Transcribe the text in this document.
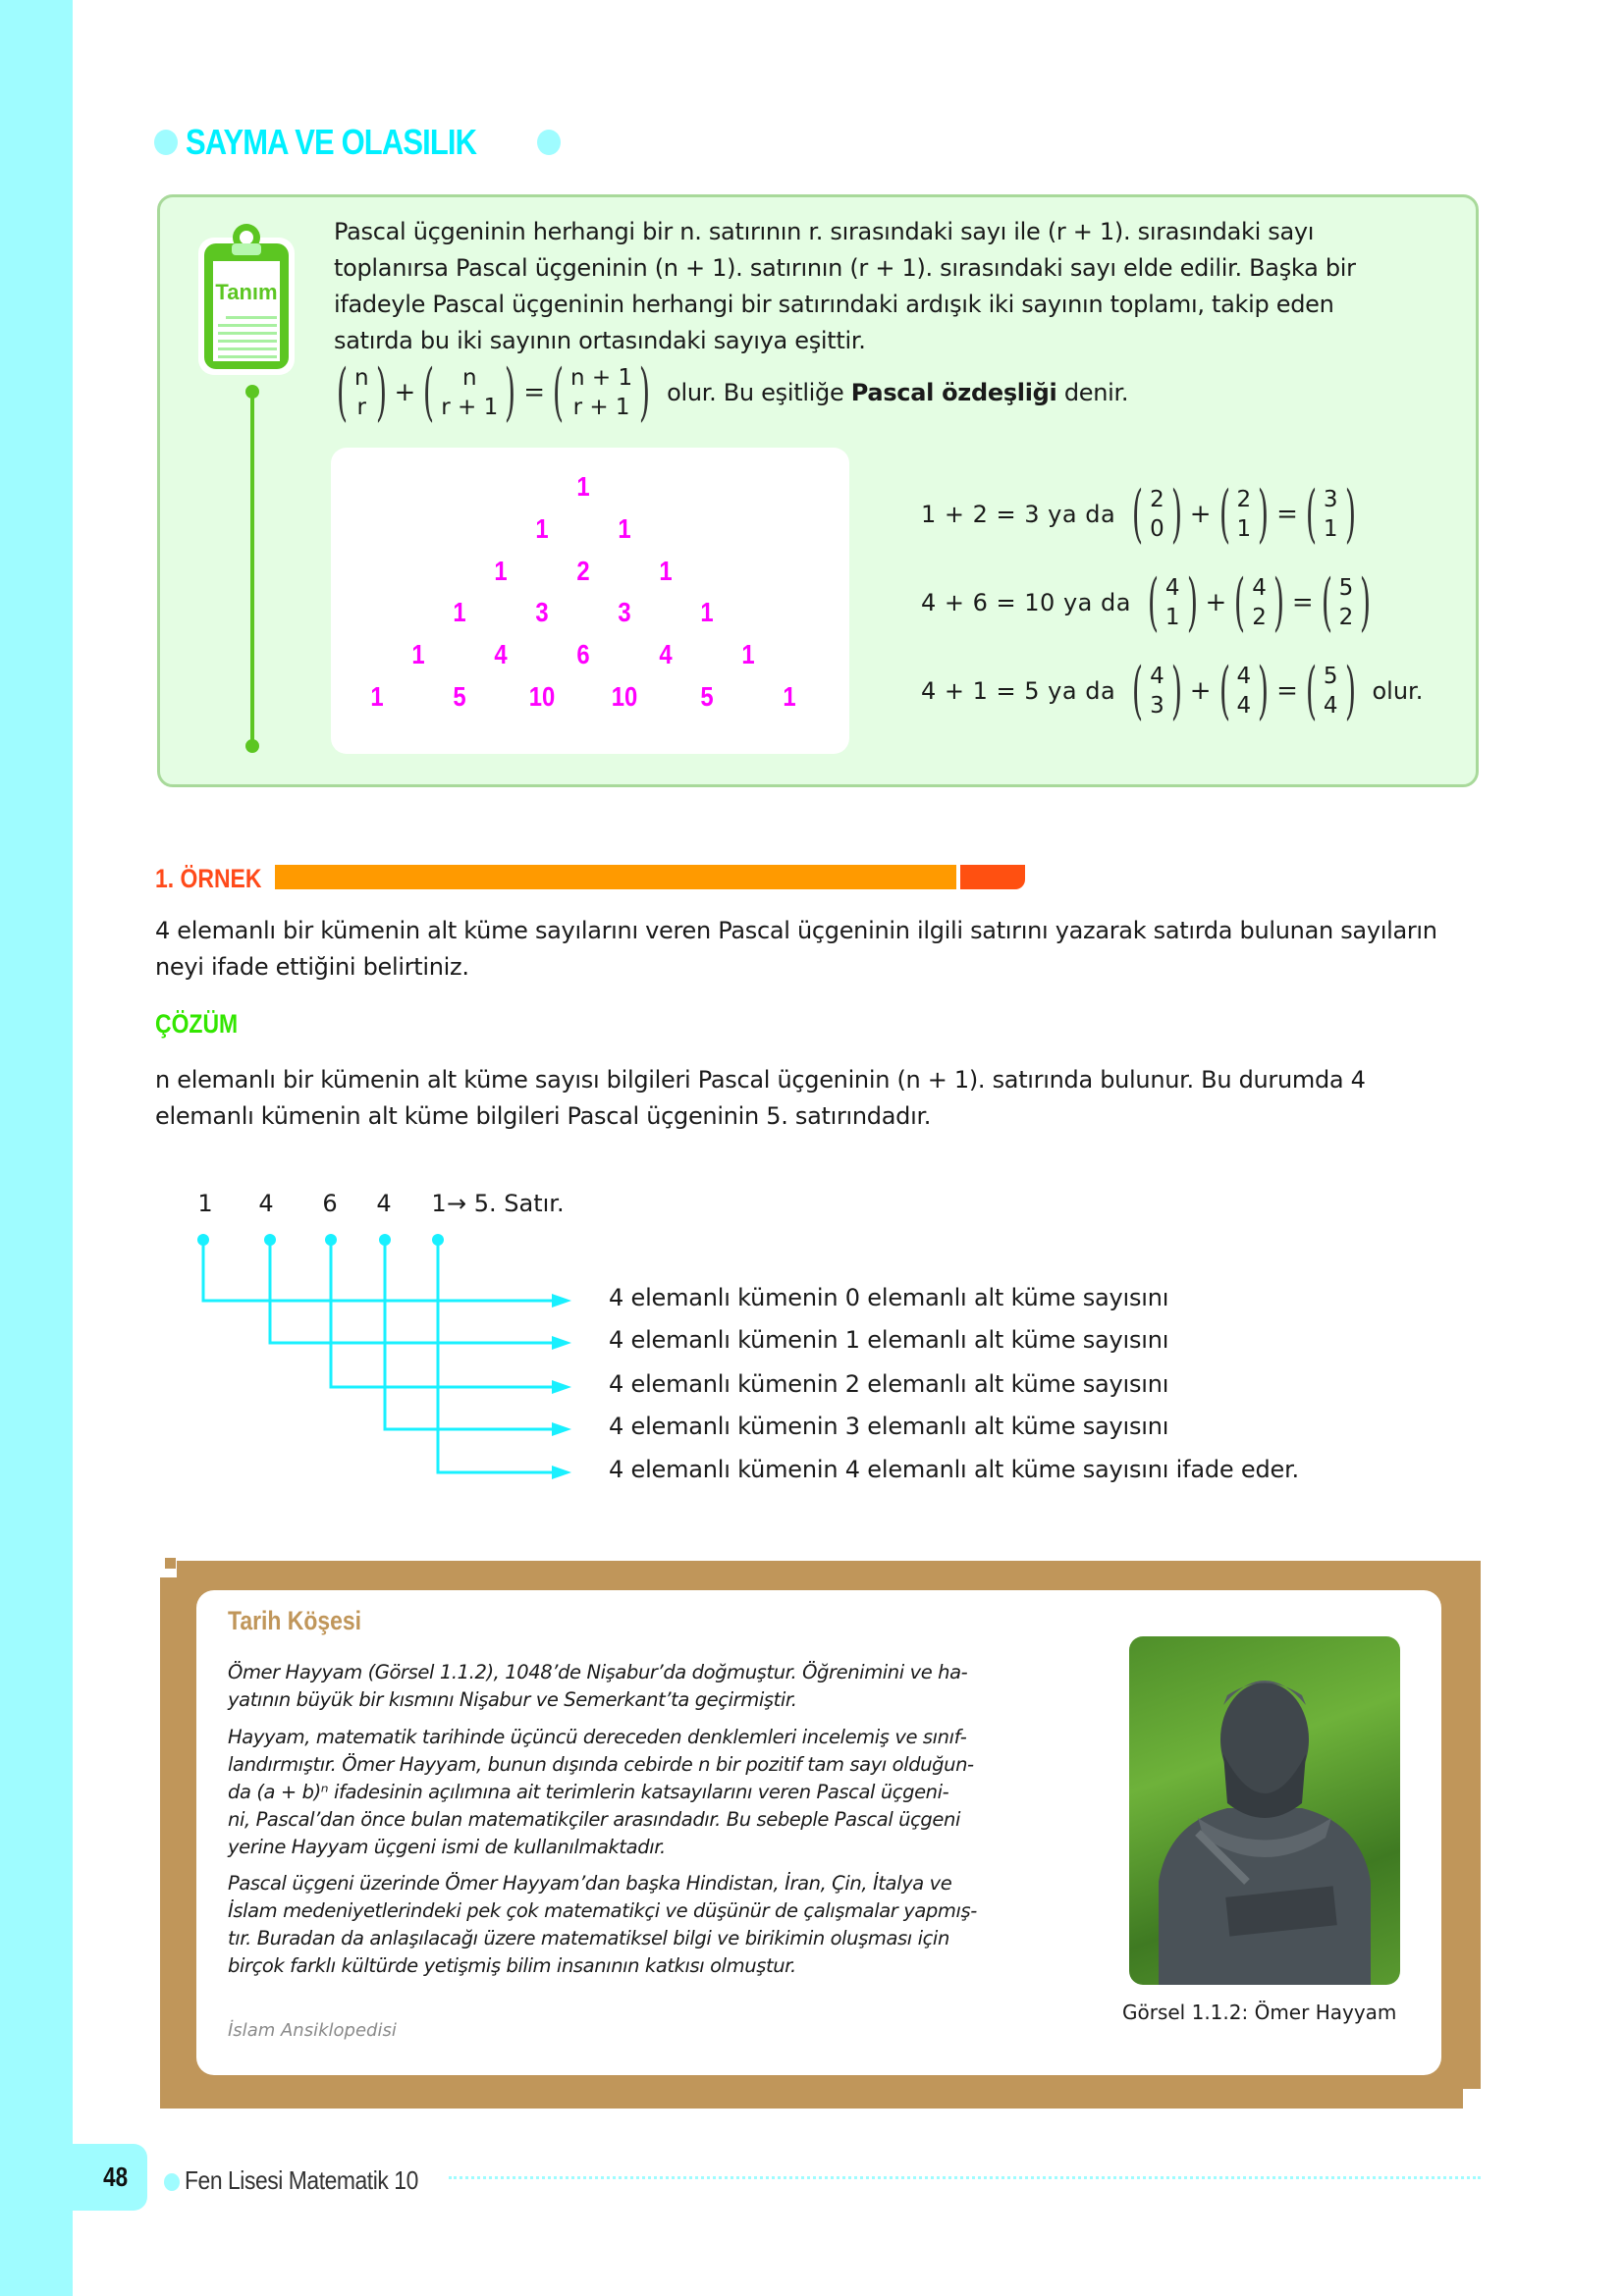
SAYMA VE OLASILIK
Tanım
Pascal üçgeninin herhangi bir n. satırının r. sırasındaki sayı ile (r + 1). sırasındaki sayı
toplanırsa Pascal üçgeninin (n + 1). satırının (r + 1). sırasındaki sayı elde edilir. Başka bir
ifadeyle Pascal üçgeninin herhangi bir satırındaki ardışık iki sayının toplamı, takip eden
satırda bu iki sayının ortasındaki sayıya eşittir.
( n
r ) + ( n
r + 1 ) = ( n + 1
r + 1 ) olur. Bu eşitliğe Pascal özdeşliği denir.
1
1	1
1	2	1
1	3	3	1
1	4	6	4	1
1	5 10 10 5	1
1 + 2 = 3 ya da ( 2
0 ) + ( 2
1 ) = ( 3
1 )
4 + 6 = 10 ya da ( 4
1 ) + ( 4
2 ) = ( 5
2 )
4 + 1 = 5 ya da ( 4
3 ) + ( 4
4 ) = ( 5
4 ) olur.
1. ÖRNEK
4 elemanlı bir kümenin alt küme sayılarını veren Pascal üçgeninin ilgili satırını yazarak satırda bulunan sayıların
neyi ifade ettiğini belirtiniz.
ÇÖZÜM
n elemanlı bir kümenin alt küme sayısı bilgileri Pascal üçgeninin (n + 1). satırında bulunur. Bu durumda 4
elemanlı kümenin alt küme bilgileri Pascal üçgeninin 5. satırındadır.
1 4 6 4 1 → 5. Satır.
4 elemanlı kümenin 0 elemanlı alt küme sayısını
4 elemanlı kümenin 1 elemanlı alt küme sayısını
4 elemanlı kümenin 2 elemanlı alt küme sayısını
4 elemanlı kümenin 3 elemanlı alt küme sayısını
4 elemanlı kümenin 4 elemanlı alt küme sayısını ifade eder.
Tarih Köşesi
Ömer Hayyam (Görsel 1.1.2), 1048’de Nişabur’da doğmuştur. Öğrenimini ve ha-
yatının büyük bir kısmını Nişabur ve Semerkant’ta geçirmiştir.
Hayyam, matematik tarihinde üçüncü dereceden denklemleri incelemiş ve sınıf-
landırmıştır. Ömer Hayyam, bunun dışında cebirde n bir pozitif tam sayı olduğun-
da (a + b)ⁿ ifadesinin açılımına ait terimlerin katsayılarını veren Pascal üçgeni-
ni, Pascal’dan önce bulan matematikçiler arasındadır. Bu sebeple Pascal üçgeni
yerine Hayyam üçgeni ismi de kullanılmaktadır.
Pascal üçgeni üzerinde Ömer Hayyam’dan başka Hindistan, İran, Çin, İtalya ve
İslam medeniyetlerindeki pek çok matematikçi ve düşünür de çalışmalar yapmış-
tır. Buradan da anlaşılacağı üzere matematiksel bilgi ve birikimin oluşması için
birçok farklı kültürde yetişmiş bilim insanının katkısı olmuştur.
İslam Ansiklopedisi
Görsel 1.1.2: Ömer Hayyam
48 Fen Lisesi Matematik 10
